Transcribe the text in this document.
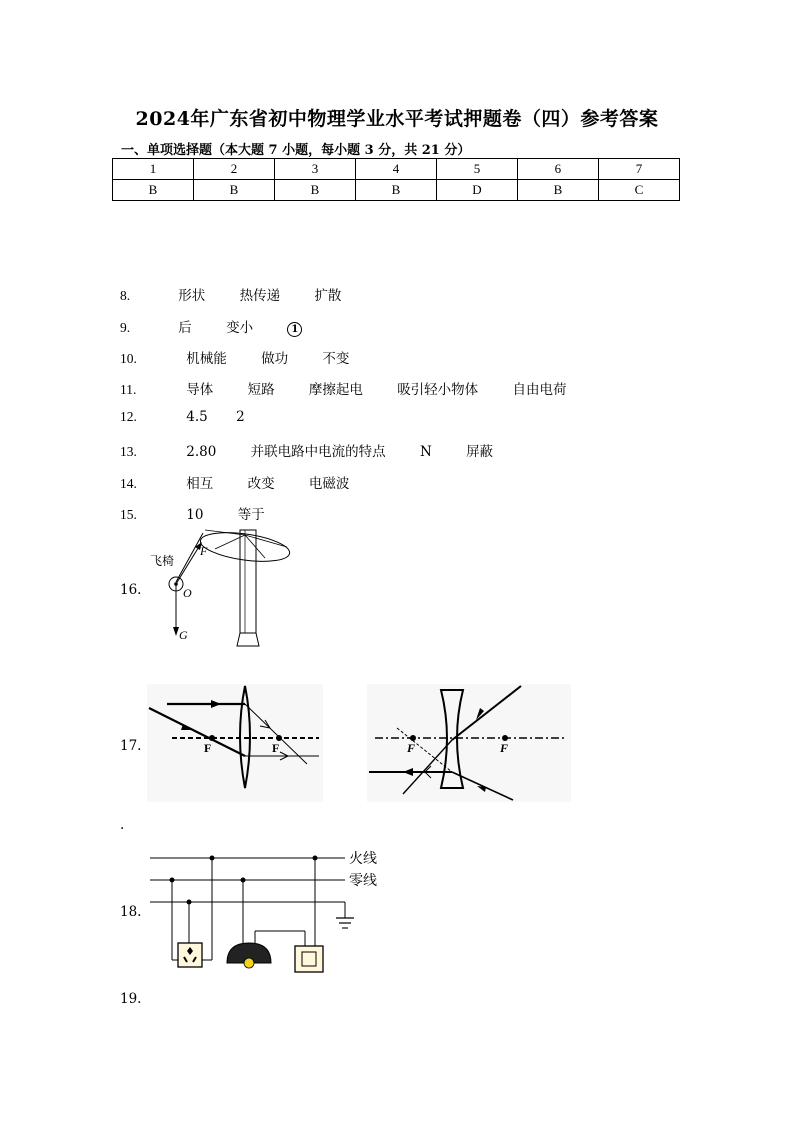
2024年广东省初中物理学业水平考试押题卷（四）参考答案
一、单项选择题（本大题 7 小题，每小题 3 分，共 21 分）
1	2	3	4	5	6	7
B	B	B	B	D	B	C
8.	形状	热传递	扩散
9.	后	变小	1
10.	机械能	做功	不变
11.	导体	短路	摩擦起电	吸引轻小物体	自由电荷
12.	4.5 2
13.	2.80	并联电路中电流的特点	N	屏蔽
14.	相互	改变	电磁波
15.	10	等于
16.
飞椅
F
O
G
17.	F	F	F	F
.
18.
火线
零线
19.
